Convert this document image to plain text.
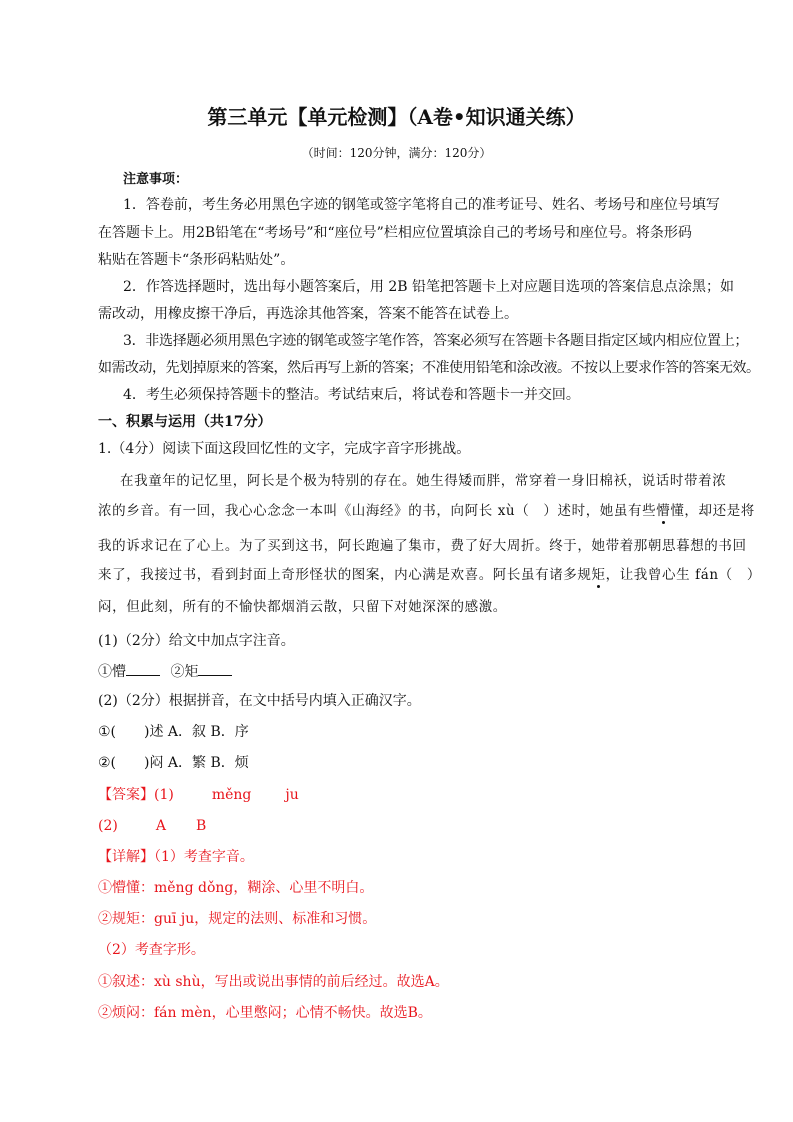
第三单元【单元检测】（A卷•知识通关练）
（时间：120分钟，满分：120分）
注意事项：
1．答卷前，考生务必用黑色字迹的钢笔或签字笔将自己的准考证号、姓名、考场号和座位号填写
在答题卡上。用2B铅笔在“考场号”和“座位号”栏相应位置填涂自己的考场号和座位号。将条形码
粘贴在答题卡“条形码粘贴处”。
2．作答选择题时，选出每小题答案后，用 2B 铅笔把答题卡上对应题目选项的答案信息点涂黑；如
需改动，用橡皮擦干净后，再选涂其他答案，答案不能答在试卷上。
3．非选择题必须用黑色字迹的钢笔或签字笔作答，答案必须写在答题卡各题目指定区域内相应位置上；
如需改动，先划掉原来的答案，然后再写上新的答案；不准使用铅笔和涂改液。不按以上要求作答的答案无效。
4．考生必须保持答题卡的整洁。考试结束后，将试卷和答题卡一并交回。
一、积累与运用（共17分）
1.（4分）阅读下面这段回忆性的文字，完成字音字形挑战。
在我童年的记忆里，阿长是个极为特别的存在。她生得矮而胖，常穿着一身旧棉袄，说话时带着浓
浓的乡音。有一回，我心心念念一本叫《山海经》的书，向阿长 xù（　）述时，她虽有些懵懂，却还是将
我的诉求记在了心上。为了买到这书，阿长跑遍了集市，费了好大周折。终于，她带着那朝思暮想的书回
来了，我接过书，看到封面上奇形怪状的图案，内心满是欢喜。阿长虽有诸多规矩，让我曾心生 fán（　）
闷，但此刻，所有的不愉快都烟消云散，只留下对她深深的感激。
(1)（2分）给文中加点字注音。
①懵	②矩
(2)（2分）根据拼音，在文中括号内填入正确汉字。
①( )述 A．叙 B．序
②( )闷 A．繁 B．烦
【答案】(1)	měng ju
(2)	A B
【详解】（1）考查字音。
①懵懂：měng dǒng，糊涂、心里不明白。
②规矩：guī ju，规定的法则、标准和习惯。
（2）考查字形。
①叙述：xù shù，写出或说出事情的前后经过。故选A。
②烦闷：fán mèn，心里憋闷；心情不畅快。故选B。
